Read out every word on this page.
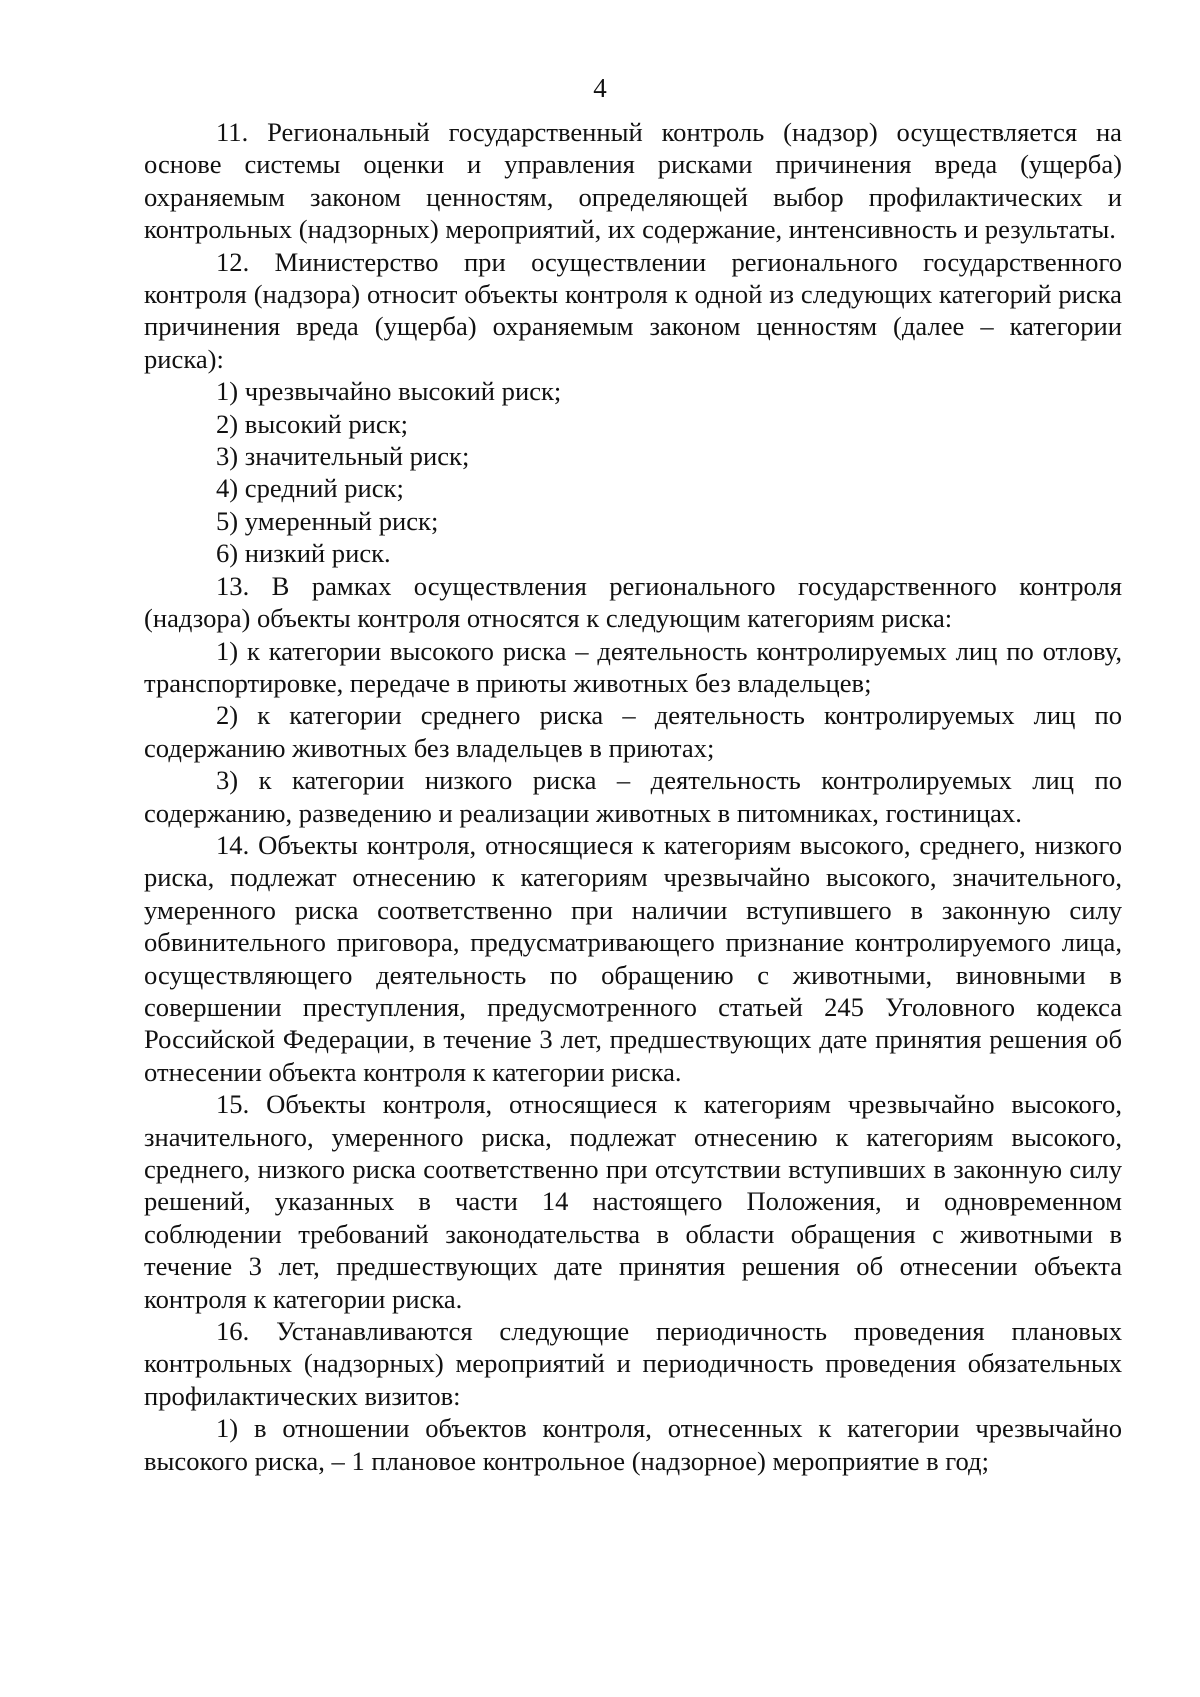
4

11. Региональный государственный контроль (надзор) осуществляется на основе системы оценки и управления рисками причинения вреда (ущерба) охраняемым законом ценностям, определяющей выбор профилактических и контрольных (надзорных) мероприятий, их содержание, интенсивность и результаты.

12. Министерство при осуществлении регионального государственного контроля (надзора) относит объекты контроля к одной из следующих категорий риска причинения вреда (ущерба) охраняемым законом ценностям (далее – категории риска):

1) чрезвычайно высокий риск;

2) высокий риск;

3) значительный риск;

4) средний риск;

5) умеренный риск;

6) низкий риск.

13. В рамках осуществления регионального государственного контроля (надзора) объекты контроля относятся к следующим категориям риска:

1) к категории высокого риска – деятельность контролируемых лиц по отлову, транспортировке, передаче в приюты животных без владельцев;

2) к категории среднего риска – деятельность контролируемых лиц по содержанию животных без владельцев в приютах;

3) к категории низкого риска – деятельность контролируемых лиц по содержанию, разведению и реализации животных в питомниках, гостиницах.

14. Объекты контроля, относящиеся к категориям высокого, среднего, низкого риска, подлежат отнесению к категориям чрезвычайно высокого, значительного, умеренного риска соответственно при наличии вступившего в законную силу обвинительного приговора, предусматривающего признание контролируемого лица, осуществляющего деятельность по обращению с животными, виновными в совершении преступления, предусмотренного статьей 245 Уголовного кодекса Российской Федерации, в течение 3 лет, предшествующих дате принятия решения об отнесении объекта контроля к категории риска.

15. Объекты контроля, относящиеся к категориям чрезвычайно высокого, значительного, умеренного риска, подлежат отнесению к категориям высокого, среднего, низкого риска соответственно при отсутствии вступивших в законную силу решений, указанных в части 14 настоящего Положения, и одновременном соблюдении требований законодательства в области обращения с животными в течение 3 лет, предшествующих дате принятия решения об отнесении объекта контроля к категории риска.

16. Устанавливаются следующие периодичность проведения плановых контрольных (надзорных) мероприятий и периодичность проведения обязательных профилактических визитов:

1) в отношении объектов контроля, отнесенных к категории чрезвычайно высокого риска, – 1 плановое контрольное (надзорное) мероприятие в год;
